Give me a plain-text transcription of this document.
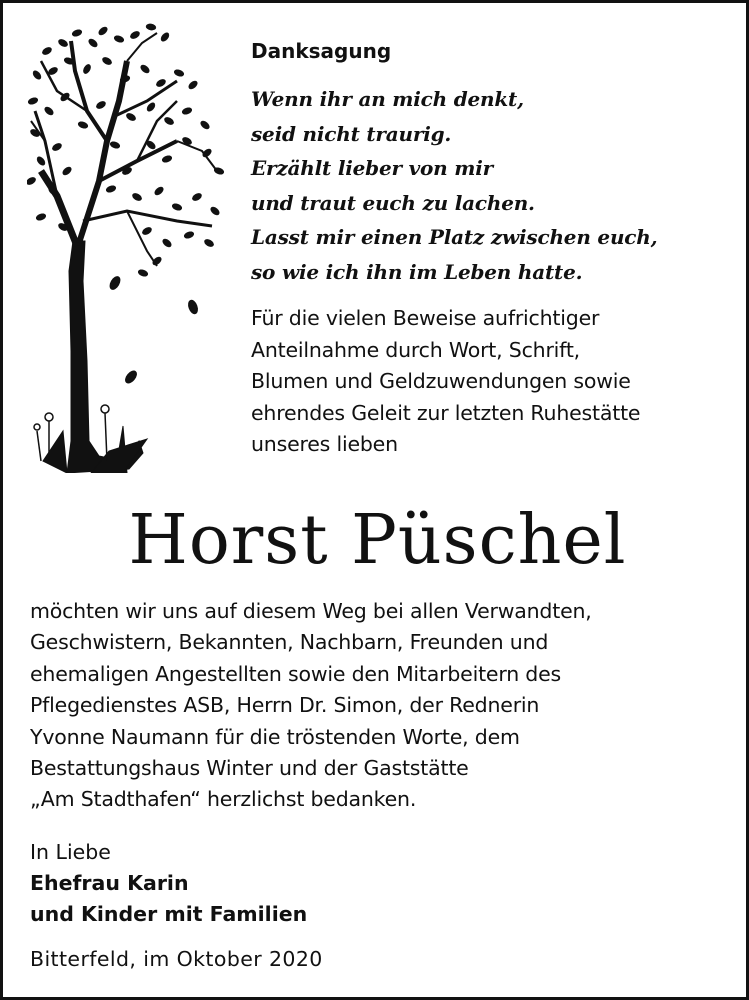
Danksagung
Wenn ihr an mich denkt,
seid nicht traurig.
Erzählt lieber von mir
und traut euch zu lachen.
Lasst mir einen Platz zwischen euch,
so wie ich ihn im Leben hatte.
Für die vielen Beweise aufrichtiger
Anteilnahme durch Wort, Schrift,
Blumen und Geldzuwendungen sowie
ehrendes Geleit zur letzten Ruhestätte
unseres lieben
Horst Püschel
möchten wir uns auf diesem Weg bei allen Verwandten,
Geschwistern, Bekannten, Nachbarn, Freunden und
ehemaligen Angestellten sowie den Mitarbeitern des
Pflegedienstes ASB, Herrn Dr. Simon, der Rednerin
Yvonne Naumann für die tröstenden Worte, dem
Bestattungshaus Winter und der Gaststätte
„Am Stadthafen“ herzlichst bedanken.
In Liebe
Ehefrau Karin
und Kinder mit Familien
Bitterfeld, im Oktober 2020
